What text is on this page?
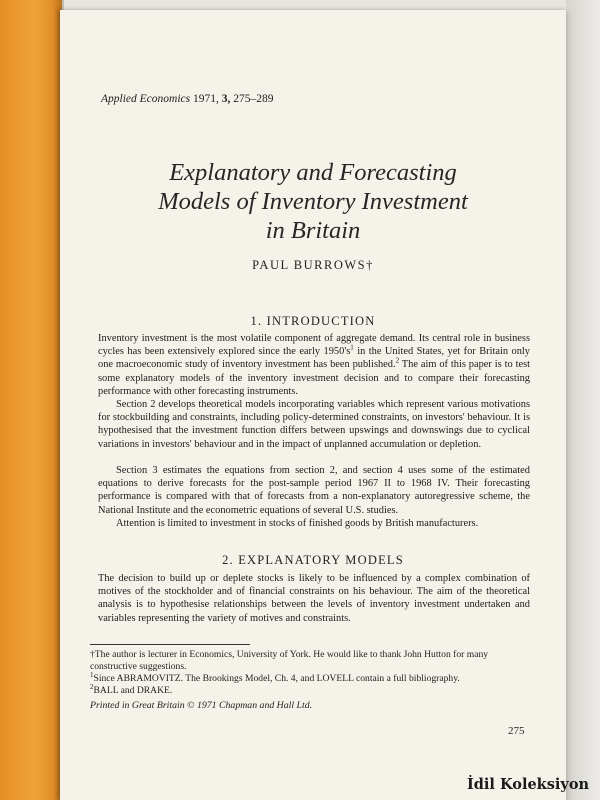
Applied Economics 1971, 3, 275–289
Explanatory and Forecasting
Models of Inventory Investment
in Britain
PAUL BURROWS†
1. INTRODUCTION

Inventory investment is the most volatile component of aggregate demand. Its central role in business cycles has been extensively explored since the early $1950's^1$ in the United States, yet for Britain only one macroeconomic study of inventory investment has been published.$^2$ The aim of this paper is to test some explanatory models of the inventory investment decision and to compare their forecasting performance with other forecasting instruments.

Section 2 develops theoretical models incorporating variables which represent various motivations for stockbuilding and constraints, including policy-determined constraints, on investors' behaviour. It is hypothesised that the investment function differs between upswings and downswings due to cyclical variations in investors' behaviour and in the impact of unplanned accumulation or depletion.

Section 3 estimates the equations from section 2, and section 4 uses some of the estimated equations to derive forecasts for the post-sample period 1967 II to 1968 IV. Their forecasting performance is compared with that of forecasts from a non-explanatory autoregressive scheme, the National Institute and the econometric equations of several U.S. studies.

Attention is limited to investment in stocks of finished goods by British manufacturers.

2. EXPLANATORY MODELS

The decision to build up or deplete stocks is likely to be influenced by a complex combination of motives of the stockholder and of financial constraints on his behaviour. The aim of the theoretical analysis is to hypothesise relationships between the levels of inventory investment undertaken and variables representing the variety of motives and constraints.

†The author is lecturer in Economics, University of York. He would like to thank John Hutton for many constructive suggestions.

$^1$Since ABRAMOVITZ. The Brookings Model, Ch. 4, and LOVELL contain a full bibliography.

$^2$BALL and DRAKE.

Printed in Great Britain © 1971 Chapman and Hall Ltd.
275
İdil Koleksiyon
